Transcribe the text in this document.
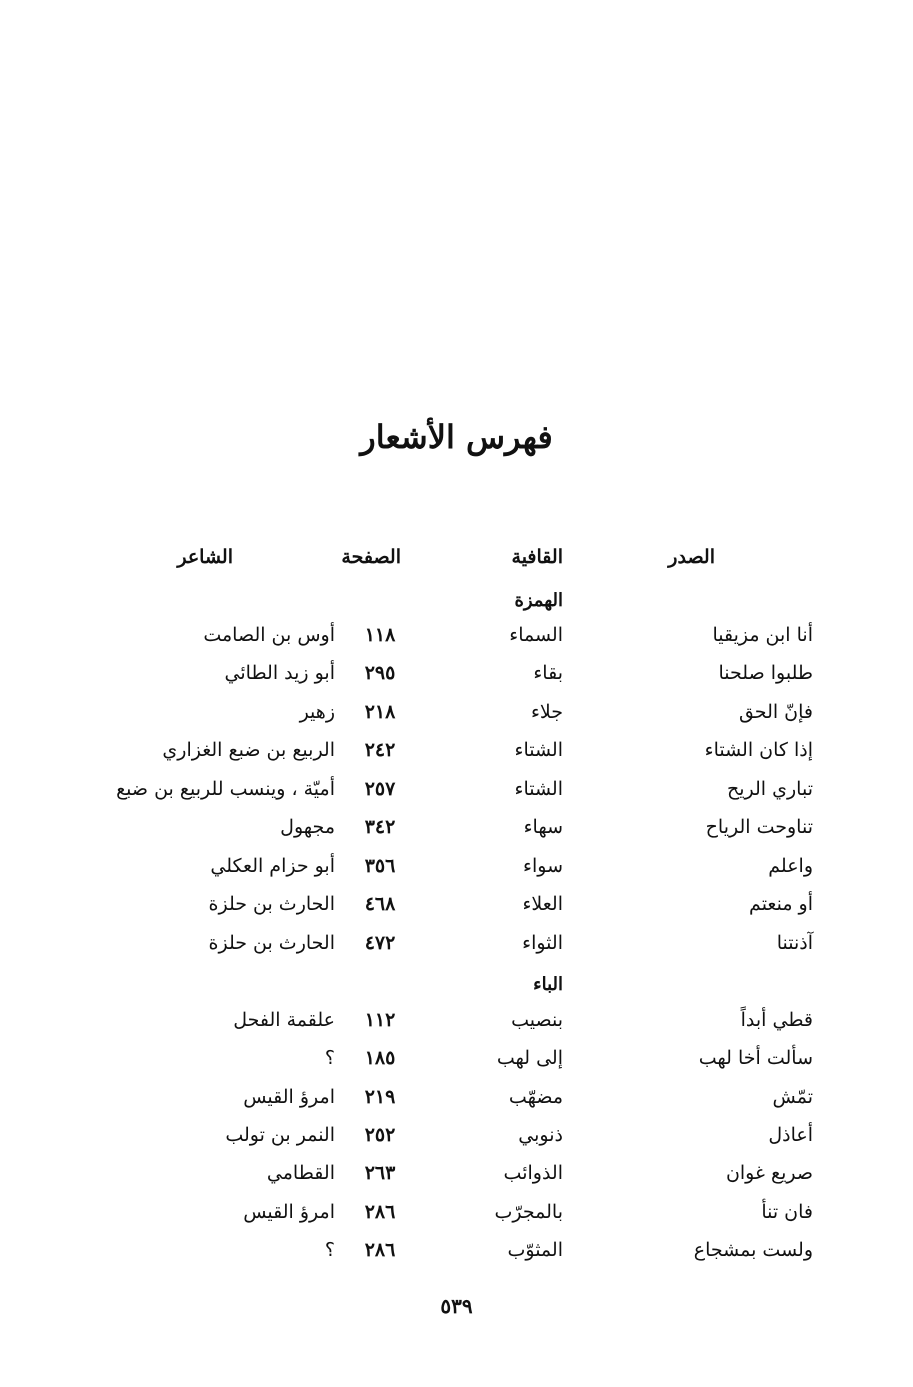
فهرس الأشعار
الصدر
القافية
الصفحة
الشاعر
الهمزة
أنا ابن مزيقيا
السماء
١١٨
أوس بن الصامت
طلبوا صلحنا
بقاء
٢٩٥
أبو زيد الطائي
فإنّ الحق
جلاء
٢١٨
زهير
إذا كان الشتاء
الشتاء
٢٤٢
الربيع بن ضبع الغزاري
تباري الريح
الشتاء
٢٥٧
أميّة ، وينسب للربيع بن ضبع
تناوحت الرياح
سهاء
٣٤٢
مجهول
واعلم
سواء
٣٥٦
أبو حزام العكلي
أو منعتم
العلاء
٤٦٨
الحارث بن حلزة
آذنتنا
الثواء
٤٧٢
الحارث بن حلزة
الباء
قطي أبداً
بنصيب
١١٢
علقمة الفحل
سألت أخا لهب
إلى لهب
١٨٥
؟
تمّش
مضهّب
٢١٩
امرؤ القيس
أعاذل
ذنوبي
٢٥٢
النمر بن تولب
صريع غوان
الذوائب
٢٦٣
القطامي
فان تنأ
بالمجرّب
٢٨٦
امرؤ القيس
ولست بمشجاع
المثوّب
٢٨٦
؟
٥٣٩
